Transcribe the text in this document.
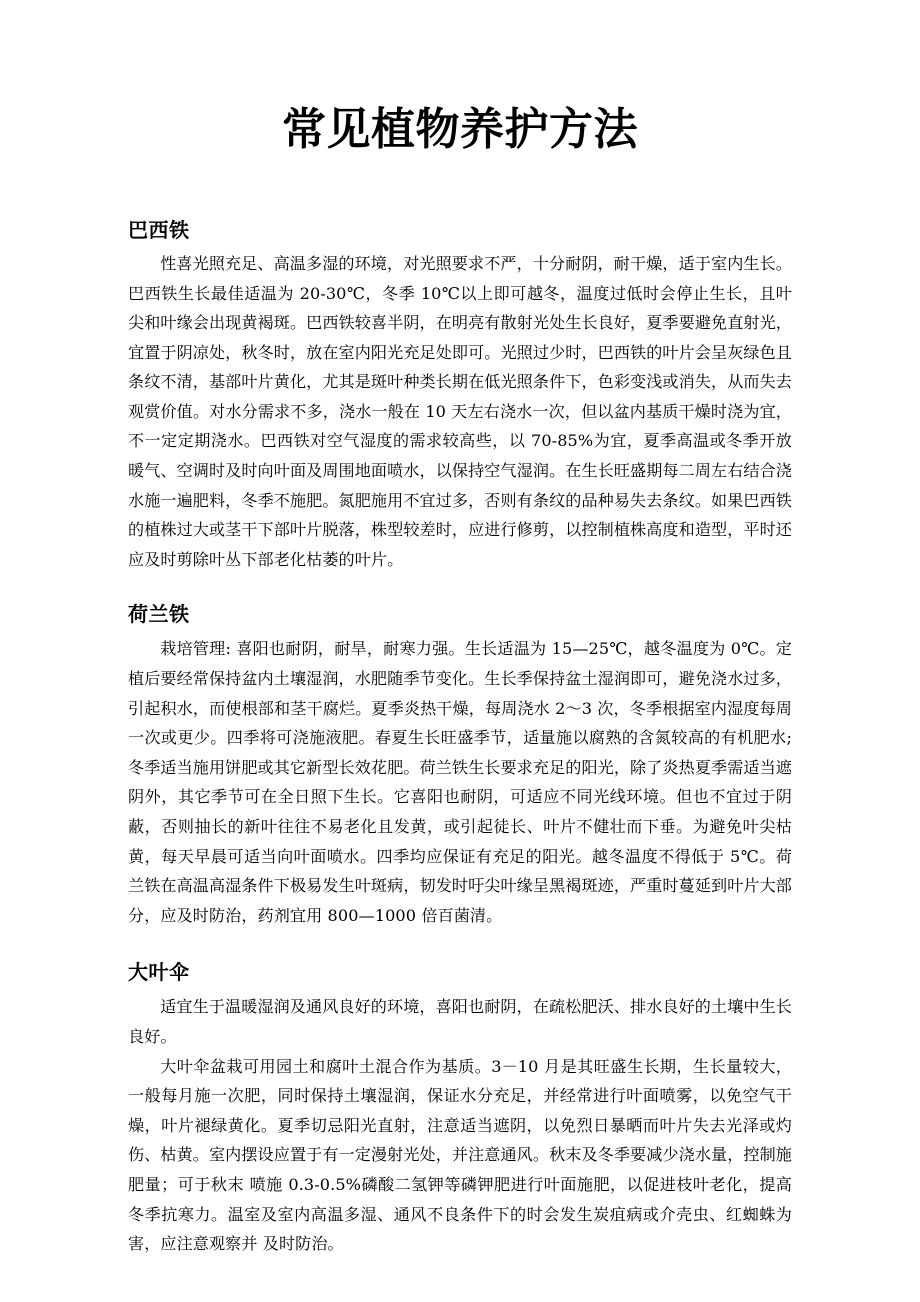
常见植物养护方法
巴西铁

性喜光照充足、高温多湿的环境，对光照要求不严，十分耐阴，耐干燥，适于室内生长。巴西铁生长最佳适温为 20-30℃，冬季 10℃以上即可越冬，温度过低时会停止生长，且叶尖和叶缘会出现黄褐斑。巴西铁较喜半阴，在明亮有散射光处生长良好，夏季要避免直射光，宜置于阴凉处，秋冬时，放在室内阳光充足处即可。光照过少时，巴西铁的叶片会呈灰绿色且条纹不清，基部叶片黄化，尤其是斑叶种类长期在低光照条件下，色彩变浅或消失，从而失去观赏价值。对水分需求不多，浇水一般在 10 天左右浇水一次，但以盆内基质干燥时浇为宜，不一定定期浇水。巴西铁对空气湿度的需求较高些，以 70-85%为宜，夏季高温或冬季开放暖气、空调时及时向叶面及周围地面喷水，以保持空气湿润。在生长旺盛期每二周左右结合浇水施一遍肥料，冬季不施肥。氮肥施用不宜过多，否则有条纹的品种易失去条纹。如果巴西铁的植株过大或茎干下部叶片脱落，株型较差时，应进行修剪，以控制植株高度和造型，平时还应及时剪除叶丛下部老化枯萎的叶片。

荷兰铁

栽培管理: 喜阳也耐阴，耐旱，耐寒力强。生长适温为 15—25℃，越冬温度为 0℃。定植后要经常保持盆内土壤湿润，水肥随季节变化。生长季保持盆土湿润即可，避免浇水过多，引起积水，而使根部和茎干腐烂。夏季炎热干燥，每周浇水 2～3 次，冬季根据室内湿度每周一次或更少。四季将可浇施液肥。春夏生长旺盛季节，适量施以腐熟的含氮较高的有机肥水; 冬季适当施用饼肥或其它新型长效花肥。荷兰铁生长要求充足的阳光，除了炎热夏季需适当遮阴外，其它季节可在全日照下生长。它喜阳也耐阴，可适应不同光线环境。但也不宜过于阴蔽，否则抽长的新叶往往不易老化且发黄，或引起徒长、叶片不健壮而下垂。为避免叶尖枯黄，每天早晨可适当向叶面喷水。四季均应保证有充足的阳光。越冬温度不得低于 5℃。荷兰铁在高温高湿条件下极易发生叶斑病，韧发时吁尖叶缘呈黑褐斑迹，严重时蔓延到叶片大部分，应及时防治，药剂宜用 800—1000 倍百菌清。

大叶伞

适宜生于温暖湿润及通风良好的环境，喜阳也耐阴，在疏松肥沃、排水良好的土壤中生长良好。

大叶伞盆栽可用园土和腐叶土混合作为基质。3－10 月是其旺盛生长期，生长量较大，一般每月施一次肥，同时保持土壤湿润，保证水分充足，并经常进行叶面喷雾，以免空气干燥，叶片褪绿黄化。夏季切忌阳光直射，注意适当遮阴，以免烈日暴晒而叶片失去光泽或灼伤、枯黄。室内摆设应置于有一定漫射光处，并注意通风。秋末及冬季要减少浇水量，控制施肥量；可于秋末 喷施 0.3-0.5%磷酸二氢钾等磷钾肥进行叶面施肥，以促进枝叶老化，提高冬季抗寒力。温室及室内高温多湿、通风不良条件下的时会发生炭疽病或介壳虫、红蜘蛛为害，应注意观察并 及时防治。
